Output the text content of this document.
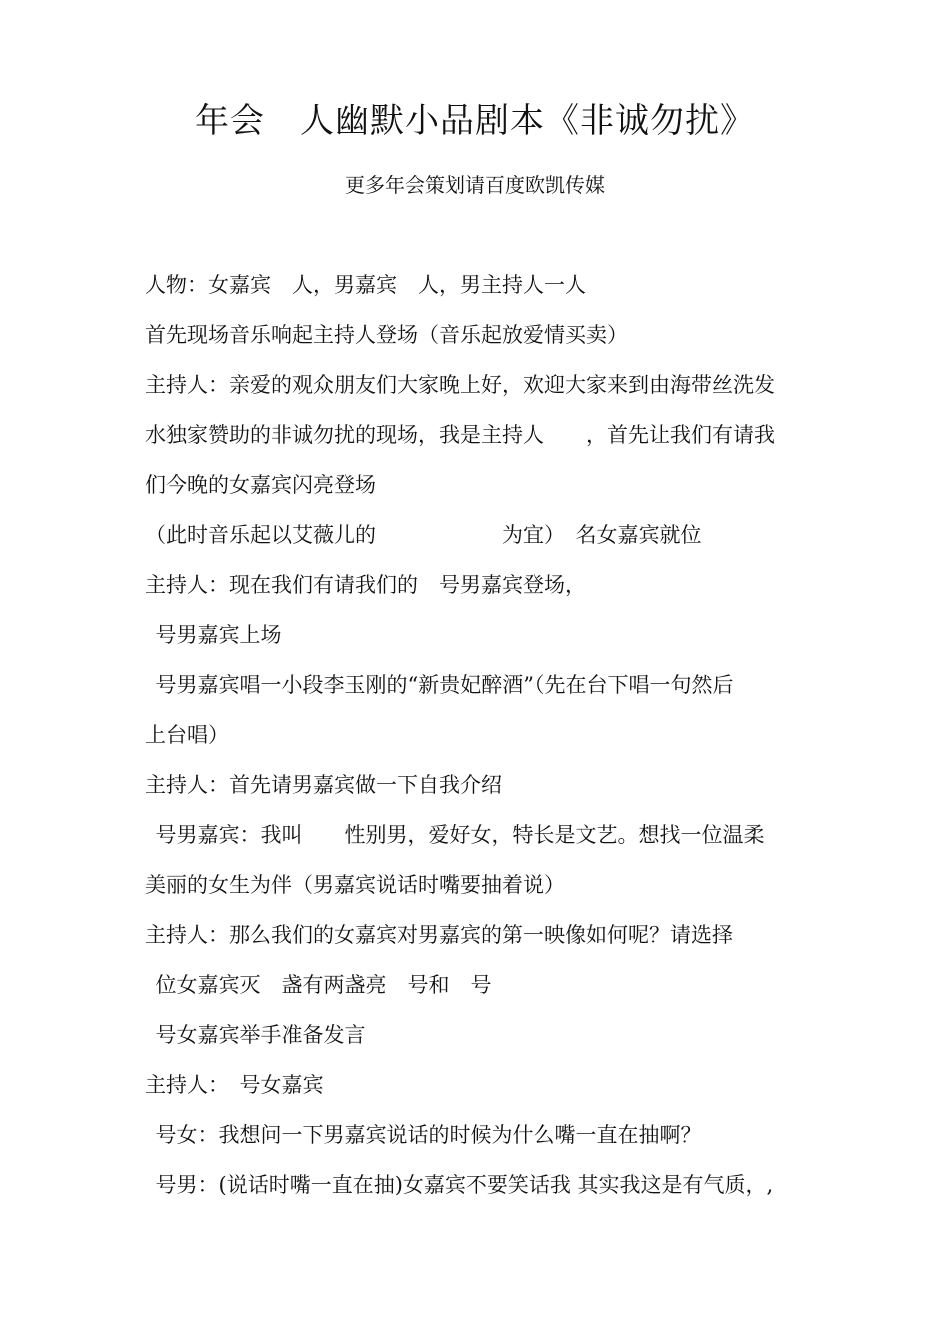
年会　人幽默小品剧本《非诚勿扰》
更多年会策划请百度欧凯传媒
人物：女嘉宾　人，男嘉宾　人，男主持人一人
首先现场音乐响起主持人登场（音乐起放爱情买卖）
主持人：亲爱的观众朋友们大家晚上好，欢迎大家来到由海带丝洗发
水独家赞助的非诚勿扰的现场，我是主持人　　，首先让我们有请我
们今晚的女嘉宾闪亮登场
（此时音乐起以艾薇儿的　　　　　　为宜）　名女嘉宾就位
主持人：现在我们有请我们的　号男嘉宾登场，
 号男嘉宾上场
 号男嘉宾唱一小段李玉刚的“新贵妃醉酒”（先在台下唱一句然后
上台唱）
主持人：首先请男嘉宾做一下自我介绍
 号男嘉宾：我叫　　性别男，爱好女，特长是文艺。想找一位温柔
美丽的女生为伴（男嘉宾说话时嘴要抽着说）
主持人：那么我们的女嘉宾对男嘉宾的第一映像如何呢？请选择
 位女嘉宾灭　盏有两盏亮　号和　号
 号女嘉宾举手准备发言
主持人：　号女嘉宾
 号女：我想问一下男嘉宾说话的时候为什么嘴一直在抽啊？
 号男：(说话时嘴一直在抽)女嘉宾不要笑话我 其实我这是有气质，,
